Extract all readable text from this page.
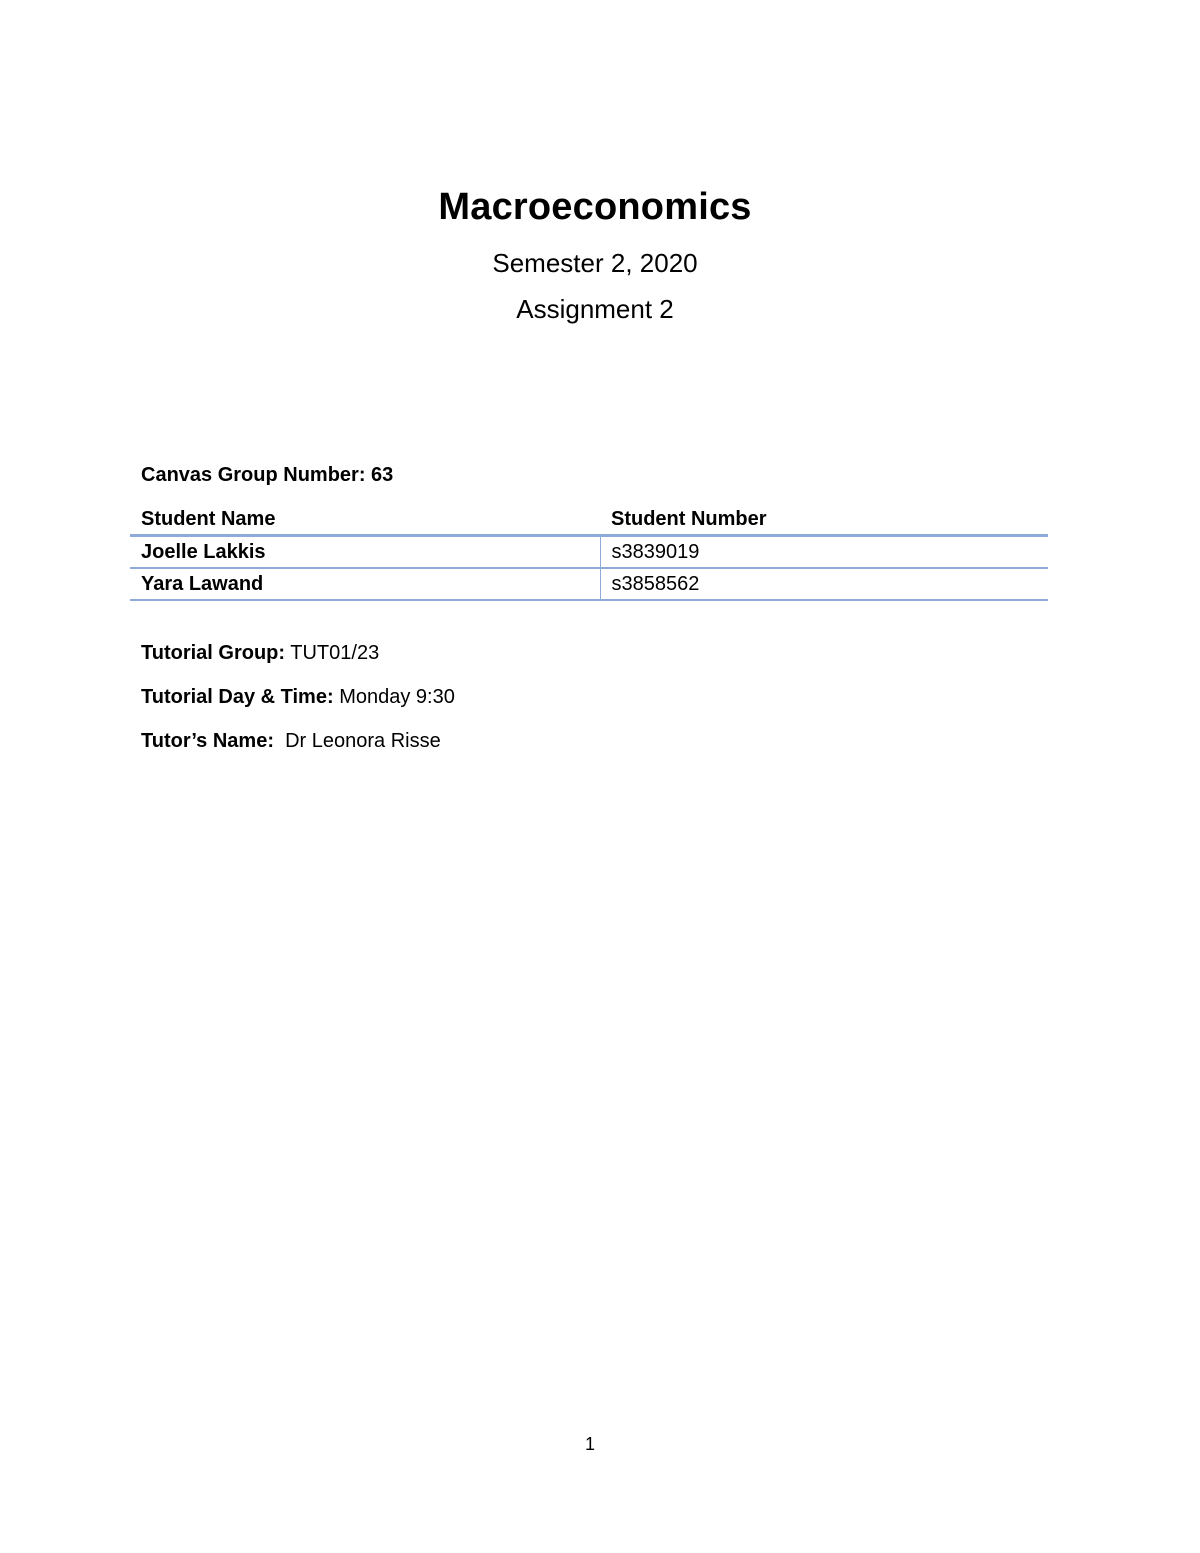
Macroeconomics
Semester 2, 2020
Assignment 2
Canvas Group Number: 63
Student Name	Student Number
Joelle Lakkis	s3839019
Yara Lawand	s3858562
Tutorial Group: TUT01/23
Tutorial Day & Time: Monday 9:30
Tutor’s Name: Dr Leonora Risse
1
